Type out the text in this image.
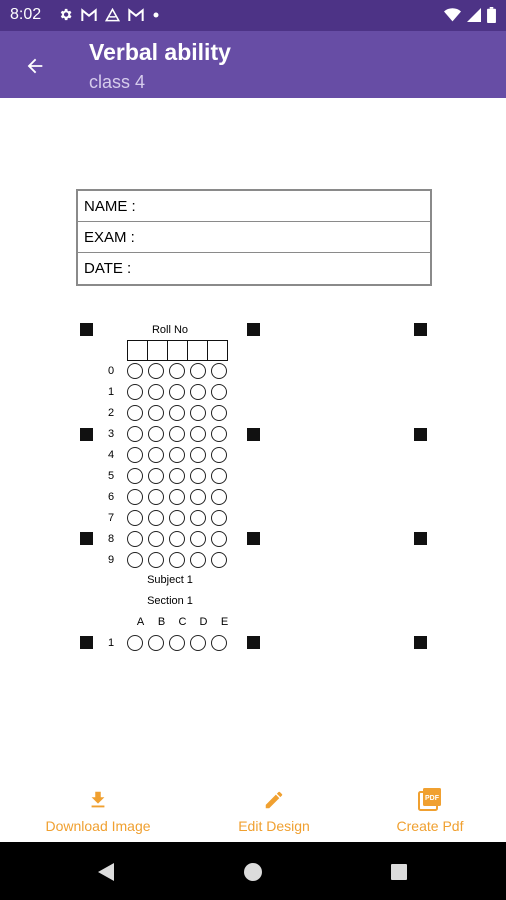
8:02
Verbal ability
class 4
NAME :
EXAM :
DATE :
Roll No
0
1
2
3
4
5
6
7
8
9
Subject 1
Section 1
A	B	C	D	E
1
Download Image	Edit Design
PDF
Create Pdf
